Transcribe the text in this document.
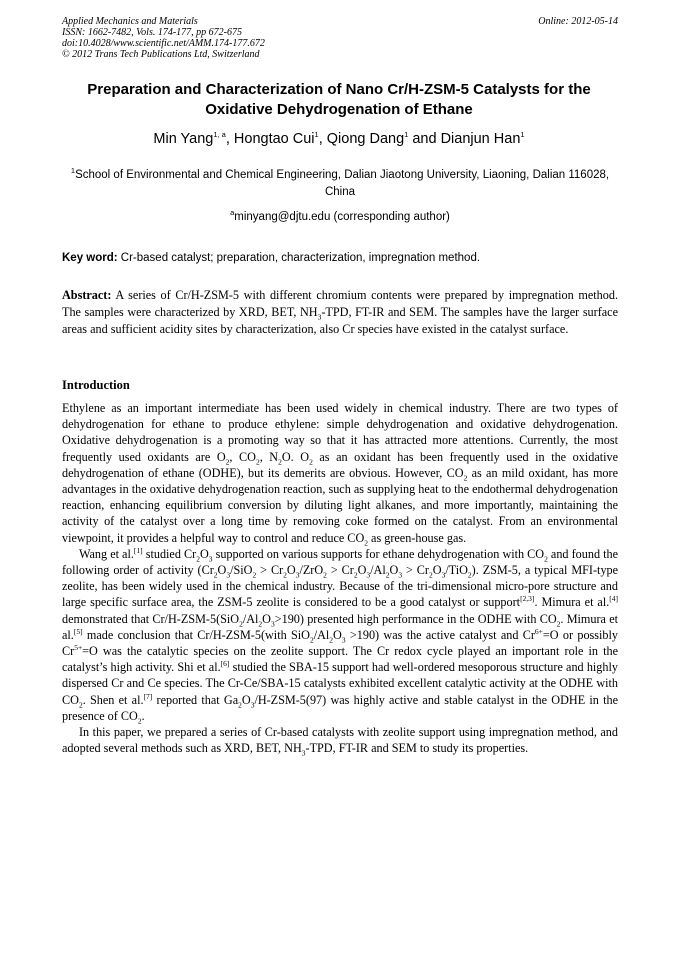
Applied Mechanics and Materials
ISSN: 1662-7482, Vols. 174-177, pp 672-675
doi:10.4028/www.scientific.net/AMM.174-177.672
© 2012 Trans Tech Publications Ltd, Switzerland
Online: 2012-05-14
Preparation and Characterization of Nano Cr/H-ZSM-5 Catalysts for the
Oxidative Dehydrogenation of Ethane
Min Yang$^{1, a}$, Hongtao Cui$^1$, Qiong Dang$^1$ and Dianjun Han$^1$
$^1$School of Environmental and Chemical Engineering, Dalian Jiaotong University, Liaoning, Dalian 116028, China
$^a$minyang@djtu.edu (corresponding author)
Key word: Cr-based catalyst; preparation, characterization, impregnation method.
Abstract: A series of Cr/H-ZSM-5 with different chromium contents were prepared by impregnation method. The samples were characterized by XRD, BET, $NH_3$-TPD, FT-IR and SEM. The samples have the larger surface areas and sufficient acidity sites by characterization, also Cr species have existed in the catalyst surface.
Introduction

Ethylene as an important intermediate has been used widely in chemical industry. There are two types of dehydrogenation for ethane to produce ethylene: simple dehydrogenation and oxidative dehydrogenation. Oxidative dehydrogenation is a promoting way so that it has attracted more attentions. Currently, the most frequently used oxidants are $O_2$, $CO_2$, $N_2O$. $O_2$ as an oxidant has been frequently used in the oxidative dehydrogenation of ethane (ODHE), but its demerits are obvious. However, $CO_2$ as an mild oxidant, has more advantages in the oxidative dehydrogenation reaction, such as supplying heat to the endothermal dehydrogenation reaction, enhancing equilibrium conversion by diluting light alkanes, and more importantly, maintaining the activity of the catalyst over a long time by removing coke formed on the catalyst. From an environmental viewpoint, it provides a helpful way to control and reduce $CO_2$ as green-house gas.

Wang et al.[1] studied $Cr_2O_3$ supported on various supports for ethane dehydrogenation with $CO_2$ and found the following order of activity $(Cr_2O_3/SiO_2 > Cr_2O_3/ZrO_2 > Cr_2O_3/Al_2O_3 > Cr_2O_3/TiO_2)$. ZSM-5, a typical MFI-type zeolite, has been widely used in the chemical industry. Because of the tri-dimensional micro-pore structure and large specific surface area, the ZSM-5 zeolite is considered to be a good catalyst or support[2,3]. Mimura et al.[4] demonstrated that $Cr/H-ZSM-5(SiO_2/Al_2O_3>190)$ presented high performance in the ODHE with $CO_2$. Mimura et al.[5] made conclusion that Cr/H-ZSM-5(with $SiO_2/Al_2O_3 >190$) was the active catalyst and $Cr^{6+}=O$ or possibly $Cr^{5+}=O$ was the catalytic species on the zeolite support. The Cr redox cycle played an important role in the catalyst’s high activity. Shi et al.[6] studied the SBA-15 support had well-ordered mesoporous structure and highly dispersed Cr and Ce species. The Cr-Ce/SBA-15 catalysts exhibited excellent catalytic activity at the ODHE with $CO_2$. Shen et al.[7] reported that $Ga_2O_3/H-ZSM-5(97)$ was highly active and stable catalyst in the ODHE in the presence of $CO_2$.

In this paper, we prepared a series of Cr-based catalysts with zeolite support using impregnation method, and adopted several methods such as XRD, BET, $NH_3$-TPD, FT-IR and SEM to study its properties.
